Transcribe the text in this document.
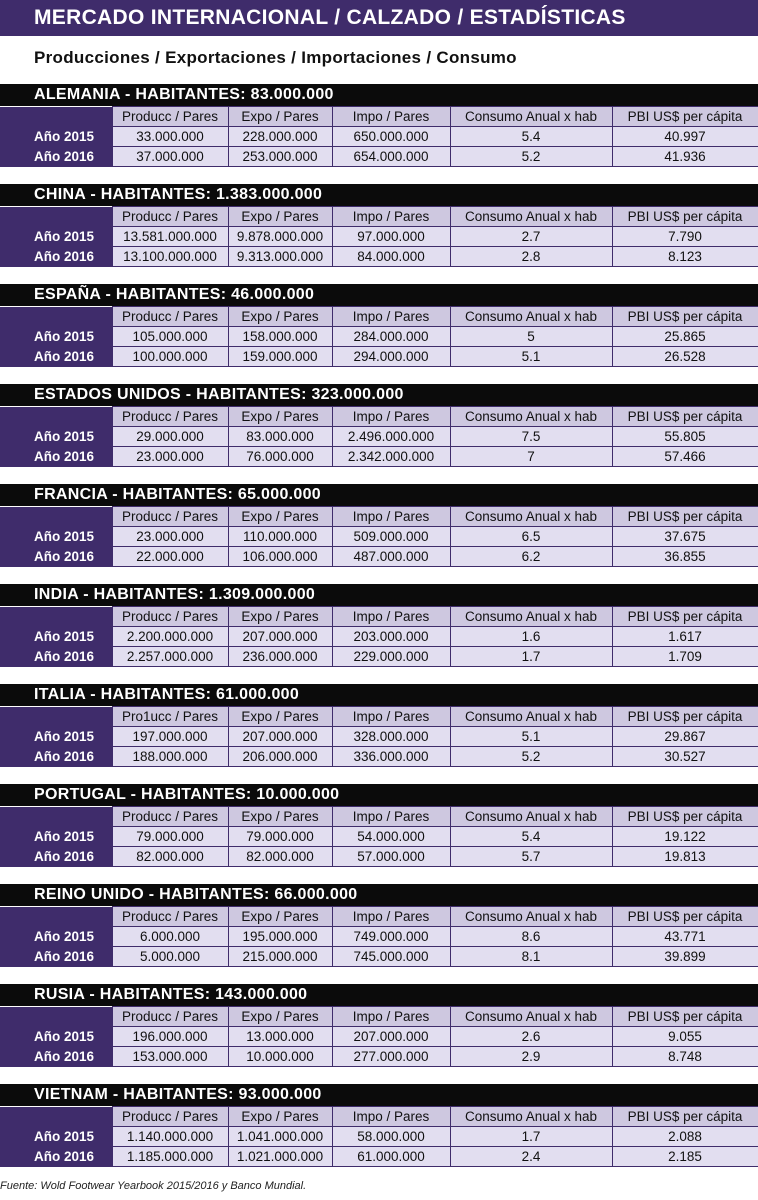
MERCADO INTERNACIONAL / CALZADO / ESTADÍSTICAS
Producciones / Exportaciones / Importaciones / Consumo
ALEMANIA - HABITANTES: 83.000.000
	Producc / Pares	Expo / Pares	Impo / Pares	Consumo Anual x hab	PBI US$ per cápita
Año 2015	33.000.000	228.000.000	650.000.000	5.4	40.997
Año 2016	37.000.000	253.000.000	654.000.000	5.2	41.936
CHINA - HABITANTES: 1.383.000.000
	Producc / Pares	Expo / Pares	Impo / Pares	Consumo Anual x hab	PBI US$ per cápita
Año 2015	13.581.000.000	9.878.000.000	97.000.000	2.7	7.790
Año 2016	13.100.000.000	9.313.000.000	84.000.000	2.8	8.123
ESPAÑA - HABITANTES: 46.000.000
	Producc / Pares	Expo / Pares	Impo / Pares	Consumo Anual x hab	PBI US$ per cápita
Año 2015	105.000.000	158.000.000	284.000.000	5	25.865
Año 2016	100.000.000	159.000.000	294.000.000	5.1	26.528
ESTADOS UNIDOS - HABITANTES: 323.000.000
	Producc / Pares	Expo / Pares	Impo / Pares	Consumo Anual x hab	PBI US$ per cápita
Año 2015	29.000.000	83.000.000	2.496.000.000	7.5	55.805
Año 2016	23.000.000	76.000.000	2.342.000.000	7	57.466
FRANCIA - HABITANTES: 65.000.000
	Producc / Pares	Expo / Pares	Impo / Pares	Consumo Anual x hab	PBI US$ per cápita
Año 2015	23.000.000	110.000.000	509.000.000	6.5	37.675
Año 2016	22.000.000	106.000.000	487.000.000	6.2	36.855
INDIA - HABITANTES: 1.309.000.000
	Producc / Pares	Expo / Pares	Impo / Pares	Consumo Anual x hab	PBI US$ per cápita
Año 2015	2.200.000.000	207.000.000	203.000.000	1.6	1.617
Año 2016	2.257.000.000	236.000.000	229.000.000	1.7	1.709
ITALIA - HABITANTES: 61.000.000
	Pro1ucc / Pares	Expo / Pares	Impo / Pares	Consumo Anual x hab	PBI US$ per cápita
Año 2015	197.000.000	207.000.000	328.000.000	5.1	29.867
Año 2016	188.000.000	206.000.000	336.000.000	5.2	30.527
PORTUGAL - HABITANTES: 10.000.000
	Producc / Pares	Expo / Pares	Impo / Pares	Consumo Anual x hab	PBI US$ per cápita
Año 2015	79.000.000	79.000.000	54.000.000	5.4	19.122
Año 2016	82.000.000	82.000.000	57.000.000	5.7	19.813
REINO UNIDO - HABITANTES: 66.000.000
	Producc / Pares	Expo / Pares	Impo / Pares	Consumo Anual x hab	PBI US$ per cápita
Año 2015	6.000.000	195.000.000	749.000.000	8.6	43.771
Año 2016	5.000.000	215.000.000	745.000.000	8.1	39.899
RUSIA - HABITANTES: 143.000.000
	Producc / Pares	Expo / Pares	Impo / Pares	Consumo Anual x hab	PBI US$ per cápita
Año 2015	196.000.000	13.000.000	207.000.000	2.6	9.055
Año 2016	153.000.000	10.000.000	277.000.000	2.9	8.748
VIETNAM - HABITANTES: 93.000.000
	Producc / Pares	Expo / Pares	Impo / Pares	Consumo Anual x hab	PBI US$ per cápita
Año 2015	1.140.000.000	1.041.000.000	58.000.000	1.7	2.088
Año 2016	1.185.000.000	1.021.000.000	61.000.000	2.4	2.185
Fuente: Wold Footwear Yearbook 2015/2016 y Banco Mundial.
